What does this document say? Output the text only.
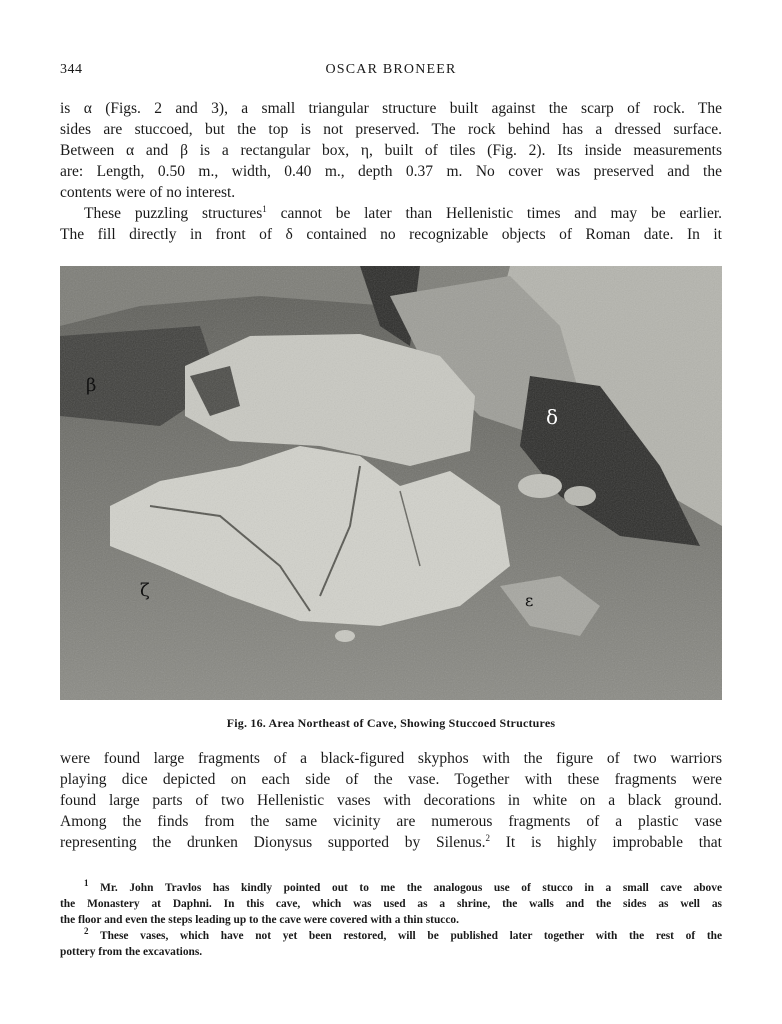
344	OSCAR BRONEER

is α (Figs. 2 and 3), a small triangular structure built against the scarp of rock. The

sides are stuccoed, but the top is not preserved. The rock behind has a dressed surface.

Between α and β is a rectangular box, η, built of tiles (Fig. 2). Its inside measurements

are: Length, 0.50 m., width, 0.40 m., depth 0.37 m. No cover was preserved and the

contents were of no interest.

These puzzling structures$^1$ cannot be later than Hellenistic times and may be earlier.

The fill directly in front of δ contained no recognizable objects of Roman date. In it

β
δ
ζ	ε
Fig. 16. Area Northeast of Cave, Showing Stuccoed Structures

were found large fragments of a black-figured skyphos with the figure of two warriors

playing dice depicted on each side of the vase. Together with these fragments were

found large parts of two Hellenistic vases with decorations in white on a black ground.

Among the finds from the same vicinity are numerous fragments of a plastic vase

representing the drunken Dionysus supported by Silenus.$^2$ It is highly improbable that

$^1$ Mr. John Travlos has kindly pointed out to me the analogous use of stucco in a small cave above

the Monastery at Daphni. In this cave, which was used as a shrine, the walls and the sides as well as

the floor and even the steps leading up to the cave were covered with a thin stucco.

$^2$ These vases, which have not yet been restored, will be published later together with the rest of the

pottery from the excavations.
